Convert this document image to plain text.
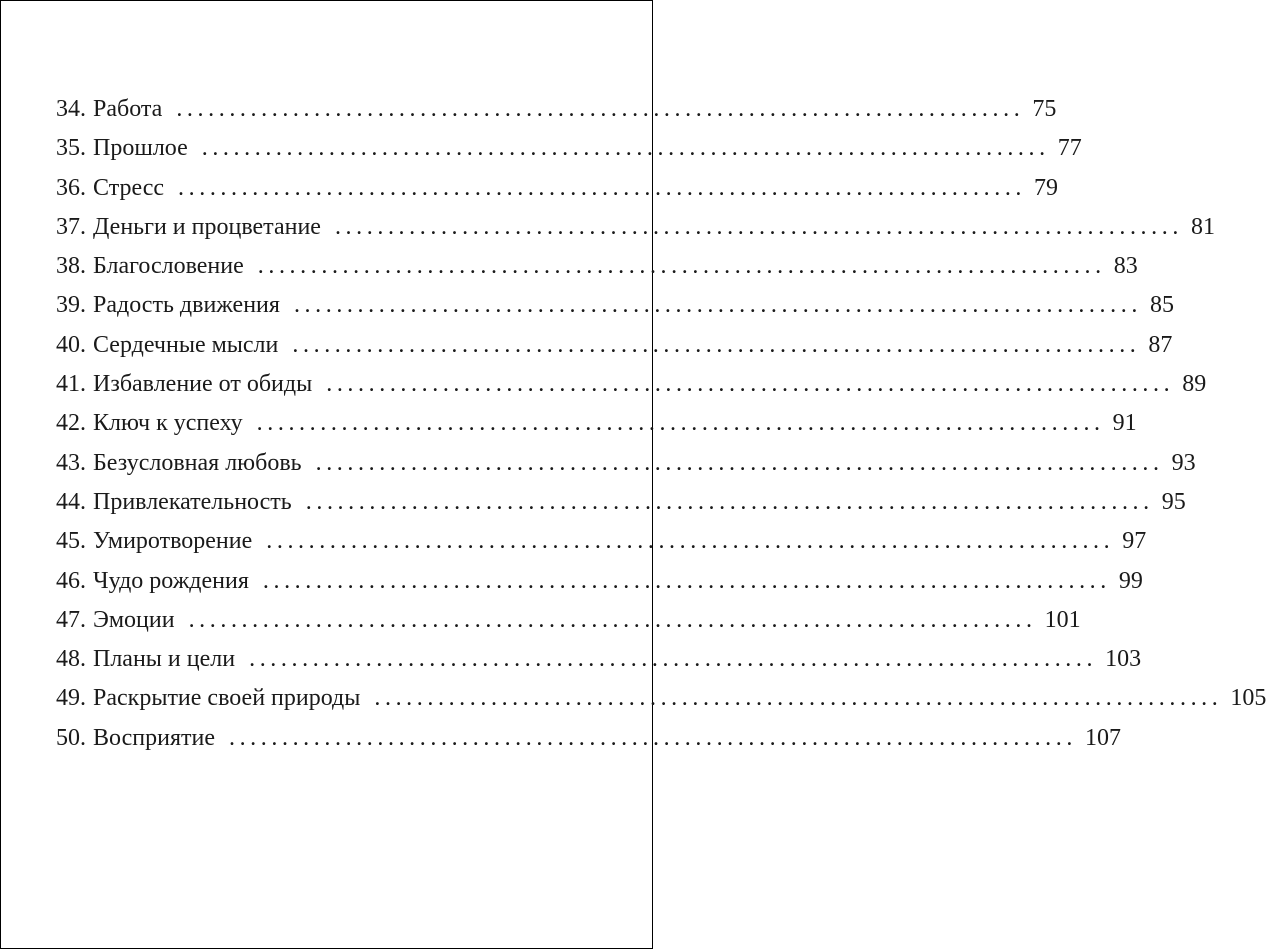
34. Работа ................................................................................ 75
35. Прошлое ................................................................................ 77
36. Стресс ................................................................................ 79
37. Деньги и процветание ................................................................................ 81
38. Благословение ................................................................................ 83
39. Радость движения ................................................................................ 85
40. Сердечные мысли ................................................................................ 87
41. Избавление от обиды ................................................................................ 89
42. Ключ к успеху ................................................................................ 91
43. Безусловная любовь ................................................................................ 93
44. Привлекательность ................................................................................ 95
45. Умиротворение ................................................................................ 97
46. Чудо рождения ................................................................................ 99
47. Эмоции ................................................................................ 101
48. Планы и цели ................................................................................ 103
49. Раскрытие своей природы ................................................................................ 105
50. Восприятие ................................................................................ 107
